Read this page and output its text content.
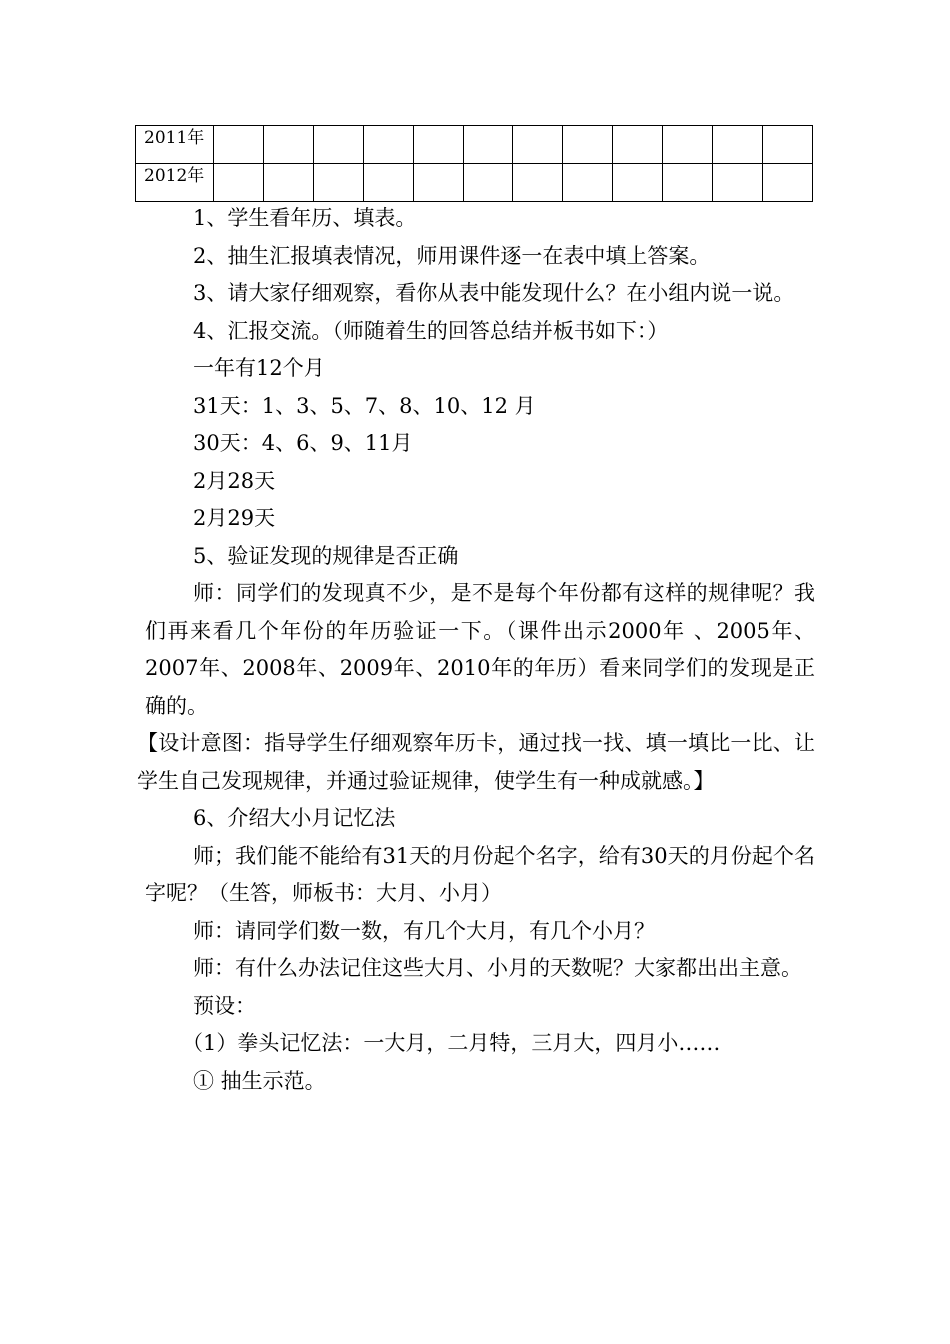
2011年												
2012年												

1、学生看年历、填表。

2、抽生汇报填表情况，师用课件逐一在表中填上答案。

3、请大家仔细观察，看你从表中能发现什么？在小组内说一说。

4、汇报交流。（师随着生的回答总结并板书如下：）

一年有12个月

31天：1、3、5、7、8、10、12 月

30天：4、6、9、11月

2月28天

2月29天

5、验证发现的规律是否正确

师：同学们的发现真不少，是不是每个年份都有这样的规律呢？我们再来看几个年份的年历验证一下。（课件出示2000年 、2005年、2007年、2008年、2009年、2010年的年历）看来同学们的发现是正确的。

【设计意图：指导学生仔细观察年历卡，通过找一找、填一填比一比、让学生自己发现规律，并通过验证规律，使学生有一种成就感。】

6、介绍大小月记忆法

师；我们能不能给有31天的月份起个名字，给有30天的月份起个名字呢？（生答，师板书：大月、小月）

师：请同学们数一数，有几个大月，有几个小月？

师：有什么办法记住这些大月、小月的天数呢？大家都出出主意。

预设：

（1）拳头记忆法：一大月，二月特，三月大，四月小……

① 抽生示范。
